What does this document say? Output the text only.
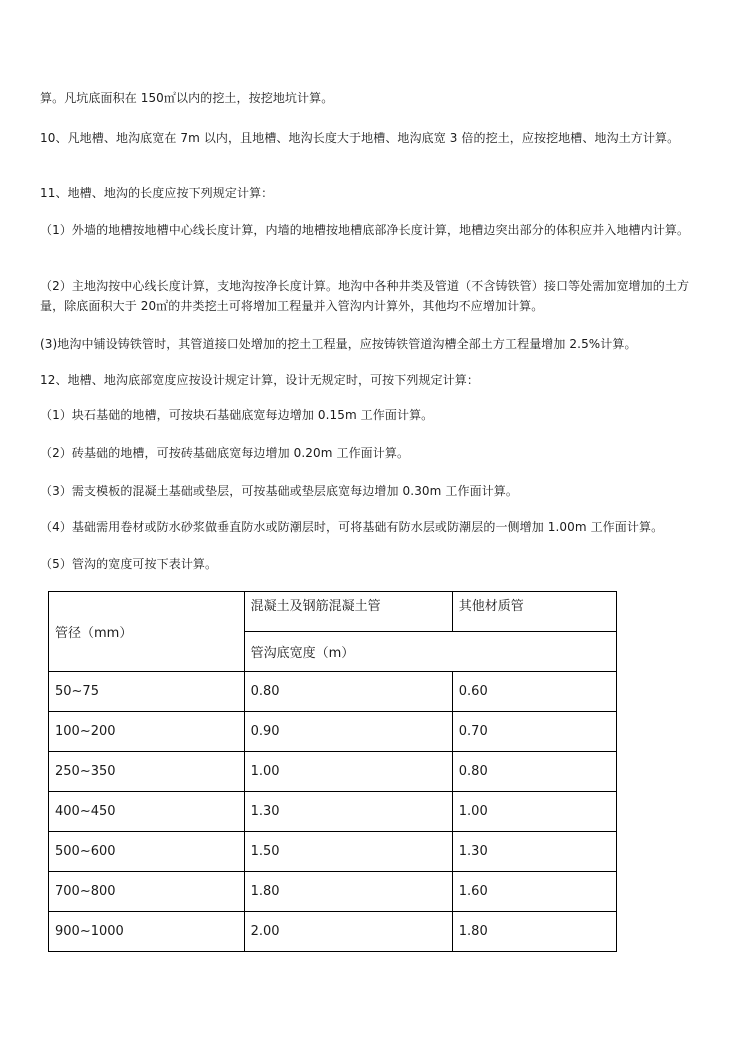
算。凡坑底面积在 150㎡以内的挖土，按挖地坑计算。

10、凡地槽、地沟底宽在 7m 以内，且地槽、地沟长度大于地槽、地沟底宽 3 倍的挖土，应按挖地槽、地沟土方计算。

11、地槽、地沟的长度应按下列规定计算：

（1）外墙的地槽按地槽中心线长度计算，内墙的地槽按地槽底部净长度计算，地槽边突出部分的体积应并入地槽内计算。

（2）主地沟按中心线长度计算，支地沟按净长度计算。地沟中各种井类及管道（不含铸铁管）接口等处需加宽增加的土方量，除底面积大于 20㎡的井类挖土可将增加工程量并入管沟内计算外，其他均不应增加计算。

(3)地沟中铺设铸铁管时，其管道接口处增加的挖土工程量，应按铸铁管道沟槽全部土方工程量增加 2.5%计算。

12、地槽、地沟底部宽度应按设计规定计算，设计无规定时，可按下列规定计算：

（1）块石基础的地槽，可按块石基础底宽每边增加 0.15m 工作面计算。

（2）砖基础的地槽，可按砖基础底宽每边增加 0.20m 工作面计算。

（3）需支模板的混凝土基础或垫层，可按基础或垫层底宽每边增加 0.30m 工作面计算。

（4）基础需用卷材或防水砂浆做垂直防水或防潮层时，可将基础有防水层或防潮层的一侧增加 1.00m 工作面计算。

（5）管沟的宽度可按下表计算。

管径（mm）	混凝土及钢筋混凝土管	其他材质管
	管沟底宽度（m）	
50~75	0.80	0.60
100~200	0.90	0.70
250~350	1.00	0.80
400~450	1.30	1.00
500~600	1.50	1.30
700~800	1.80	1.60
900~1000	2.00	1.80
